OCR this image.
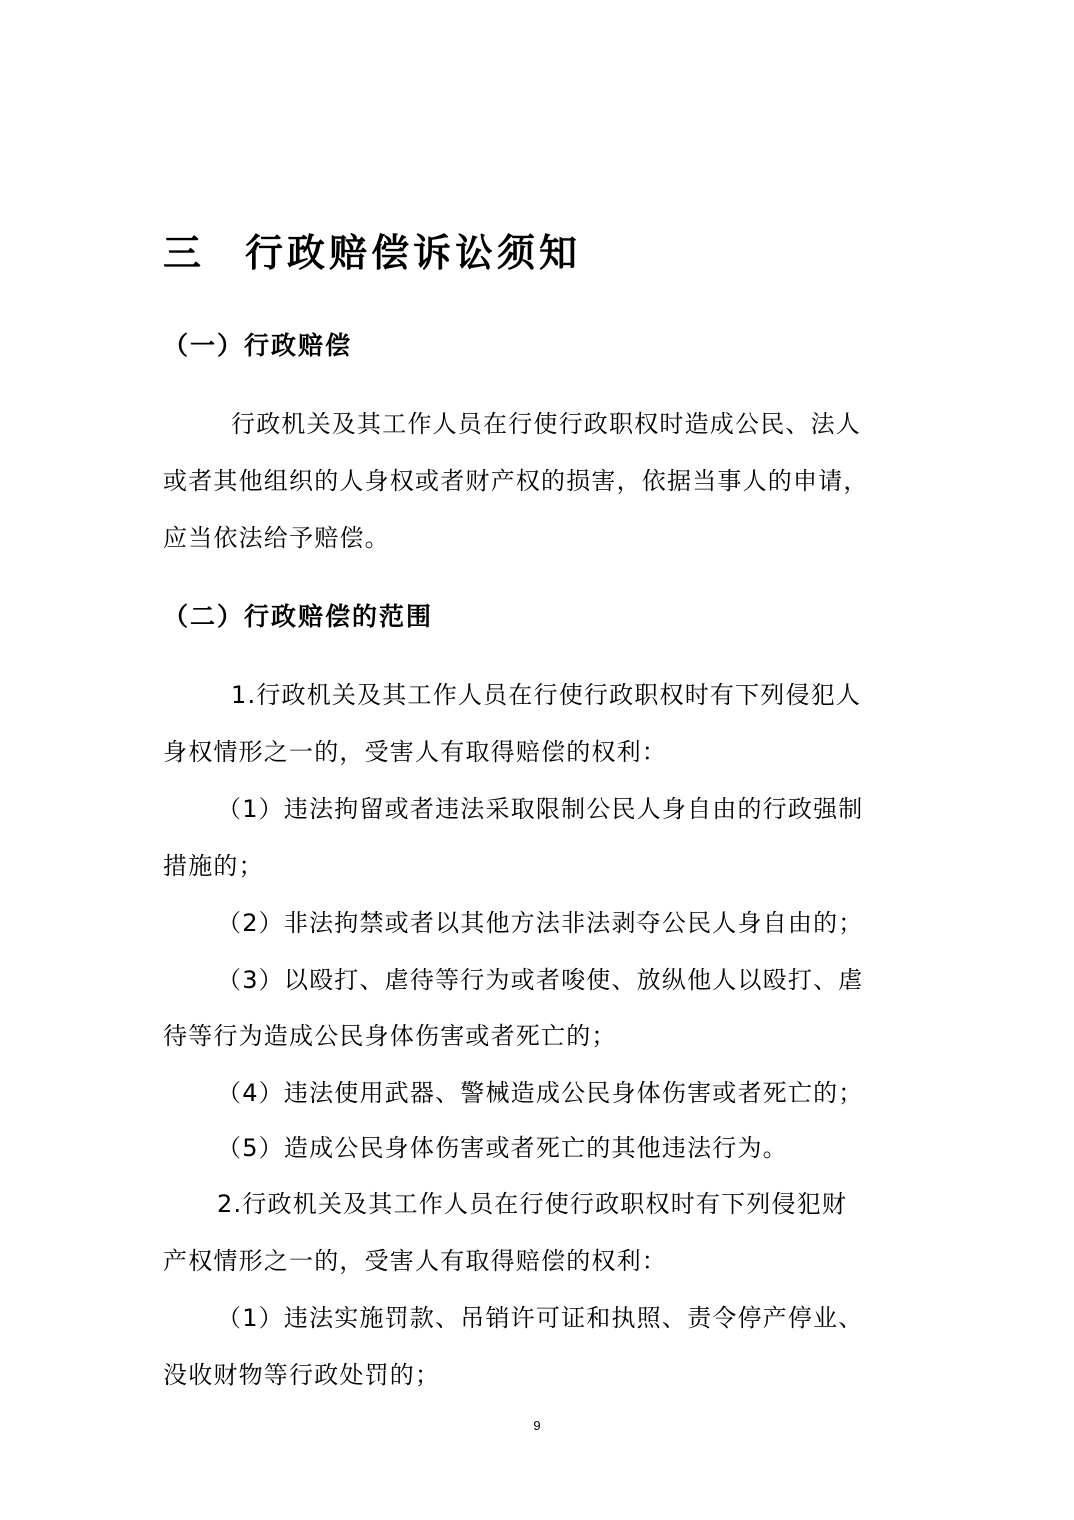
三 行政赔偿诉讼须知
（一）行政赔偿
行政机关及其工作人员在行使行政职权时造成公民、法人
或者其他组织的人身权或者财产权的损害，依据当事人的申请，
应当依法给予赔偿。
（二）行政赔偿的范围
1.行政机关及其工作人员在行使行政职权时有下列侵犯人
身权情形之一的，受害人有取得赔偿的权利：
（1）违法拘留或者违法采取限制公民人身自由的行政强制
措施的；
（2）非法拘禁或者以其他方法非法剥夺公民人身自由的；
（3）以殴打、虐待等行为或者唆使、放纵他人以殴打、虐
待等行为造成公民身体伤害或者死亡的；
（4）违法使用武器、警械造成公民身体伤害或者死亡的；
（5）造成公民身体伤害或者死亡的其他违法行为。
2.行政机关及其工作人员在行使行政职权时有下列侵犯财
产权情形之一的，受害人有取得赔偿的权利：
（1）违法实施罚款、吊销许可证和执照、责令停产停业、
没收财物等行政处罚的；
9
